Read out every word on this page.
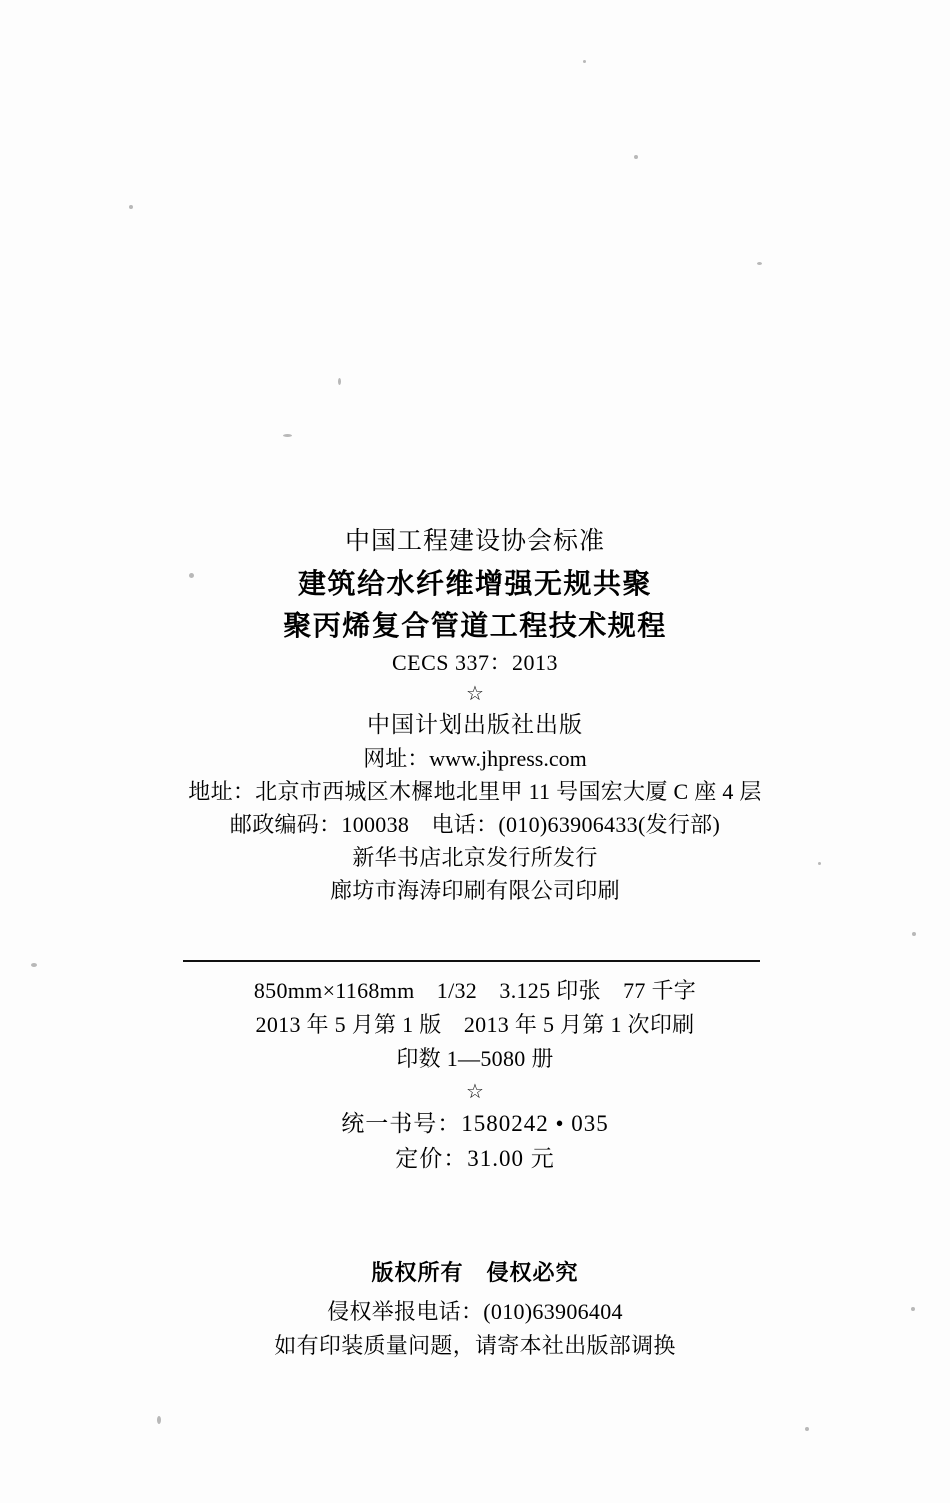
中国工程建设协会标准
建筑给水纤维增强无规共聚
聚丙烯复合管道工程技术规程
CECS 337：2013
☆
中国计划出版社出版
网址：www.jhpress.com
地址：北京市西城区木樨地北里甲 11 号国宏大厦 C 座 4 层
邮政编码：100038　电话：(010)63906433(发行部)
新华书店北京发行所发行
廊坊市海涛印刷有限公司印刷
850mm×1168mm　1/32　3.125 印张　77 千字
2013 年 5 月第 1 版　2013 年 5 月第 1 次印刷
印数 1—5080 册
☆
统一书号：1580242 • 035
定价：31.00 元
版权所有　侵权必究
侵权举报电话：(010)63906404
如有印装质量问题，请寄本社出版部调换
